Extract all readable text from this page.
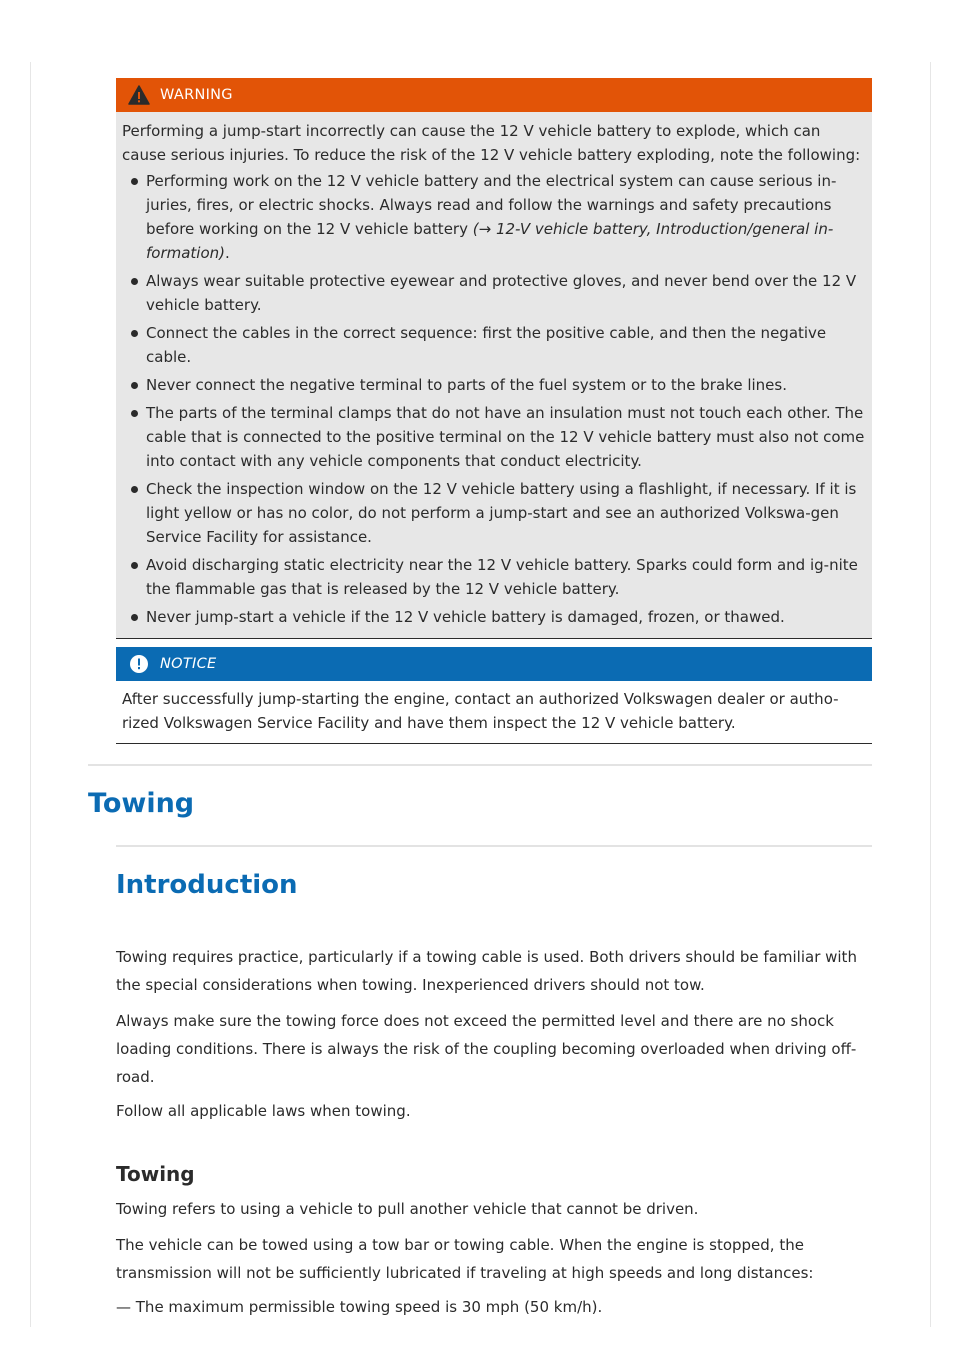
WARNING

Performing a jump-start incorrectly can cause the 12 V vehicle battery to explode, which can cause serious injuries. To reduce the risk of the 12 V vehicle battery exploding, note the following:

Performing work on the 12 V vehicle battery and the electrical system can cause serious in-juries, fires, or electric shocks. Always read and follow the warnings and safety precautions before working on the 12 V vehicle battery (→ 12-V vehicle battery, Introduction/general in-formation).
Always wear suitable protective eyewear and protective gloves, and never bend over the 12 V vehicle battery.
Connect the cables in the correct sequence: first the positive cable, and then the negative cable.
Never connect the negative terminal to parts of the fuel system or to the brake lines.
The parts of the terminal clamps that do not have an insulation must not touch each other. The cable that is connected to the positive terminal on the 12 V vehicle battery must also not come into contact with any vehicle components that conduct electricity.
Check the inspection window on the 12 V vehicle battery using a flashlight, if necessary. If it is light yellow or has no color, do not perform a jump-start and see an authorized Volkswa-gen Service Facility for assistance.
Avoid discharging static electricity near the 12 V vehicle battery. Sparks could form and ig-nite the flammable gas that is released by the 12 V vehicle battery.
Never jump-start a vehicle if the 12 V vehicle battery is damaged, frozen, or thawed.
NOTICE

After successfully jump-starting the engine, contact an authorized Volkswagen dealer or autho-rized Volkswagen Service Facility and have them inspect the 12 V vehicle battery.

Towing
Introduction

Towing requires practice, particularly if a towing cable is used. Both drivers should be familiar with the special considerations when towing. Inexperienced drivers should not tow.

Always make sure the towing force does not exceed the permitted level and there are no shock loading conditions. There is always the risk of the coupling becoming overloaded when driving off-road.

Follow all applicable laws when towing.

Towing

Towing refers to using a vehicle to pull another vehicle that cannot be driven.

The vehicle can be towed using a tow bar or towing cable. When the engine is stopped, the transmission will not be sufficiently lubricated if traveling at high speeds and long distances:

— The maximum permissible towing speed is 30 mph (50 km/h).
